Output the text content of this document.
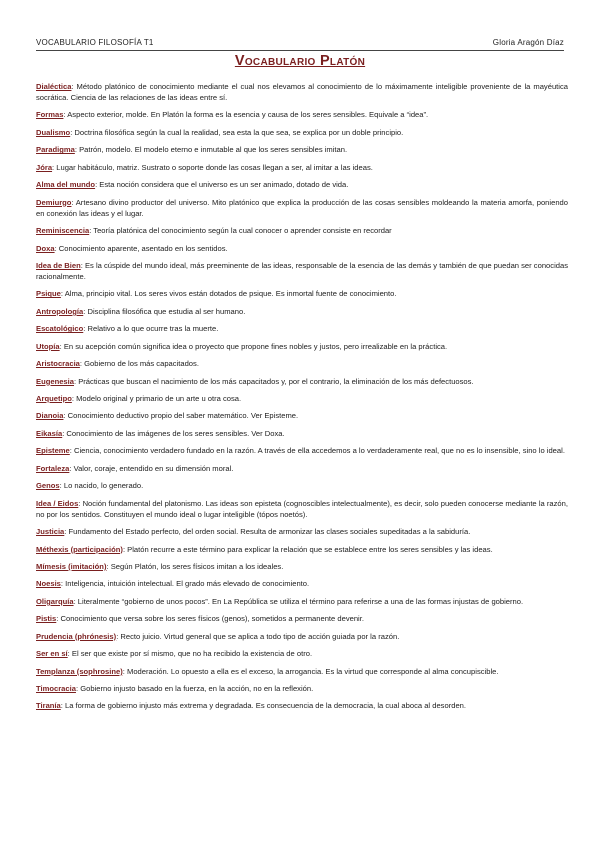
VOCABULARIO FILOSOFÍA T1	Gloria Aragón Díaz
Vocabulario Platón
Dialéctica: Método platónico de conocimiento mediante el cual nos elevamos al conocimiento de lo máximamente inteligible proveniente de la mayéutica socrática. Ciencia de las relaciones de las ideas entre sí.
Formas: Aspecto exterior, molde. En Platón la forma es la esencia y causa de los seres sensibles. Equivale a “idea”.
Dualismo: Doctrina filosófica según la cual la realidad, sea esta la que sea, se explica por un doble principio.
Paradigma: Patrón, modelo. El modelo eterno e inmutable al que los seres sensibles imitan.
Jóra: Lugar habitáculo, matriz. Sustrato o soporte donde las cosas llegan a ser, al imitar a las ideas.
Alma del mundo: Esta noción considera que el universo es un ser animado, dotado de vida.
Demiurgo: Artesano divino productor del universo. Mito platónico que explica la producción de las cosas sensibles moldeando la materia amorfa, poniendo en conexión las ideas y el lugar.
Reminiscencia: Teoría platónica del conocimiento según la cual conocer o aprender consiste en recordar
Doxa: Conocimiento aparente, asentado en los sentidos.
Idea de Bien: Es la cúspide del mundo ideal, más preeminente de las ideas, responsable de la esencia de las demás y también de que puedan ser conocidas racionalmente.
Psique: Alma, principio vital. Los seres vivos están dotados de psique. Es inmortal fuente de conocimiento.
Antropología: Disciplina filosófica que estudia al ser humano.
Escatológico: Relativo a lo que ocurre tras la muerte.
Utopía: En su acepción común significa idea o proyecto que propone fines nobles y justos, pero irrealizable en la práctica.
Aristocracia: Gobierno de los más capacitados.
Eugenesia: Prácticas que buscan el nacimiento de los más capacitados y, por el contrario, la eliminación de los más defectuosos.
Arquetipo: Modelo original y primario de un arte u otra cosa.
Dianoia: Conocimiento deductivo propio del saber matemático. Ver Episteme.
Eikasía: Conocimiento de las imágenes de los seres sensibles. Ver Doxa.
Episteme: Ciencia, conocimiento verdadero fundado en la razón. A través de ella accedemos a lo verdaderamente real, que no es lo insensible, sino lo ideal.
Fortaleza: Valor, coraje, entendido en su dimensión moral.
Genos: Lo nacido, lo generado.
Idea / Eidos: Noción fundamental del platonismo. Las ideas son episteta (cognoscibles intelectualmente), es decir, solo pueden conocerse mediante la razón, no por los sentidos. Constituyen el mundo ideal o lugar inteligible (tópos noetós).
Justicia: Fundamento del Estado perfecto, del orden social. Resulta de armonizar las clases sociales supeditadas a la sabiduría.
Méthexis (participación): Platón recurre a este término para explicar la relación que se establece entre los seres sensibles y las ideas.
Mímesis (imitación): Según Platón, los seres físicos imitan a los ideales.
Noesis: Inteligencia, intuición intelectual. El grado más elevado de conocimiento.
Oligarquía: Literalmente “gobierno de unos pocos”. En La República se utiliza el término para referirse a una de las formas injustas de gobierno.
Pistis: Conocimiento que versa sobre los seres físicos (genos), sometidos a permanente devenir.
Prudencia (phrónesis): Recto juicio. Virtud general que se aplica a todo tipo de acción guiada por la razón.
Ser en sí: El ser que existe por sí mismo, que no ha recibido la existencia de otro.
Templanza (sophrosine): Moderación. Lo opuesto a ella es el exceso, la arrogancia. Es la virtud que corresponde al alma concupiscible.
Timocracia: Gobierno injusto basado en la fuerza, en la acción, no en la reflexión.
Tiranía: La forma de gobierno injusto más extrema y degradada. Es consecuencia de la democracia, la cual aboca al desorden.
